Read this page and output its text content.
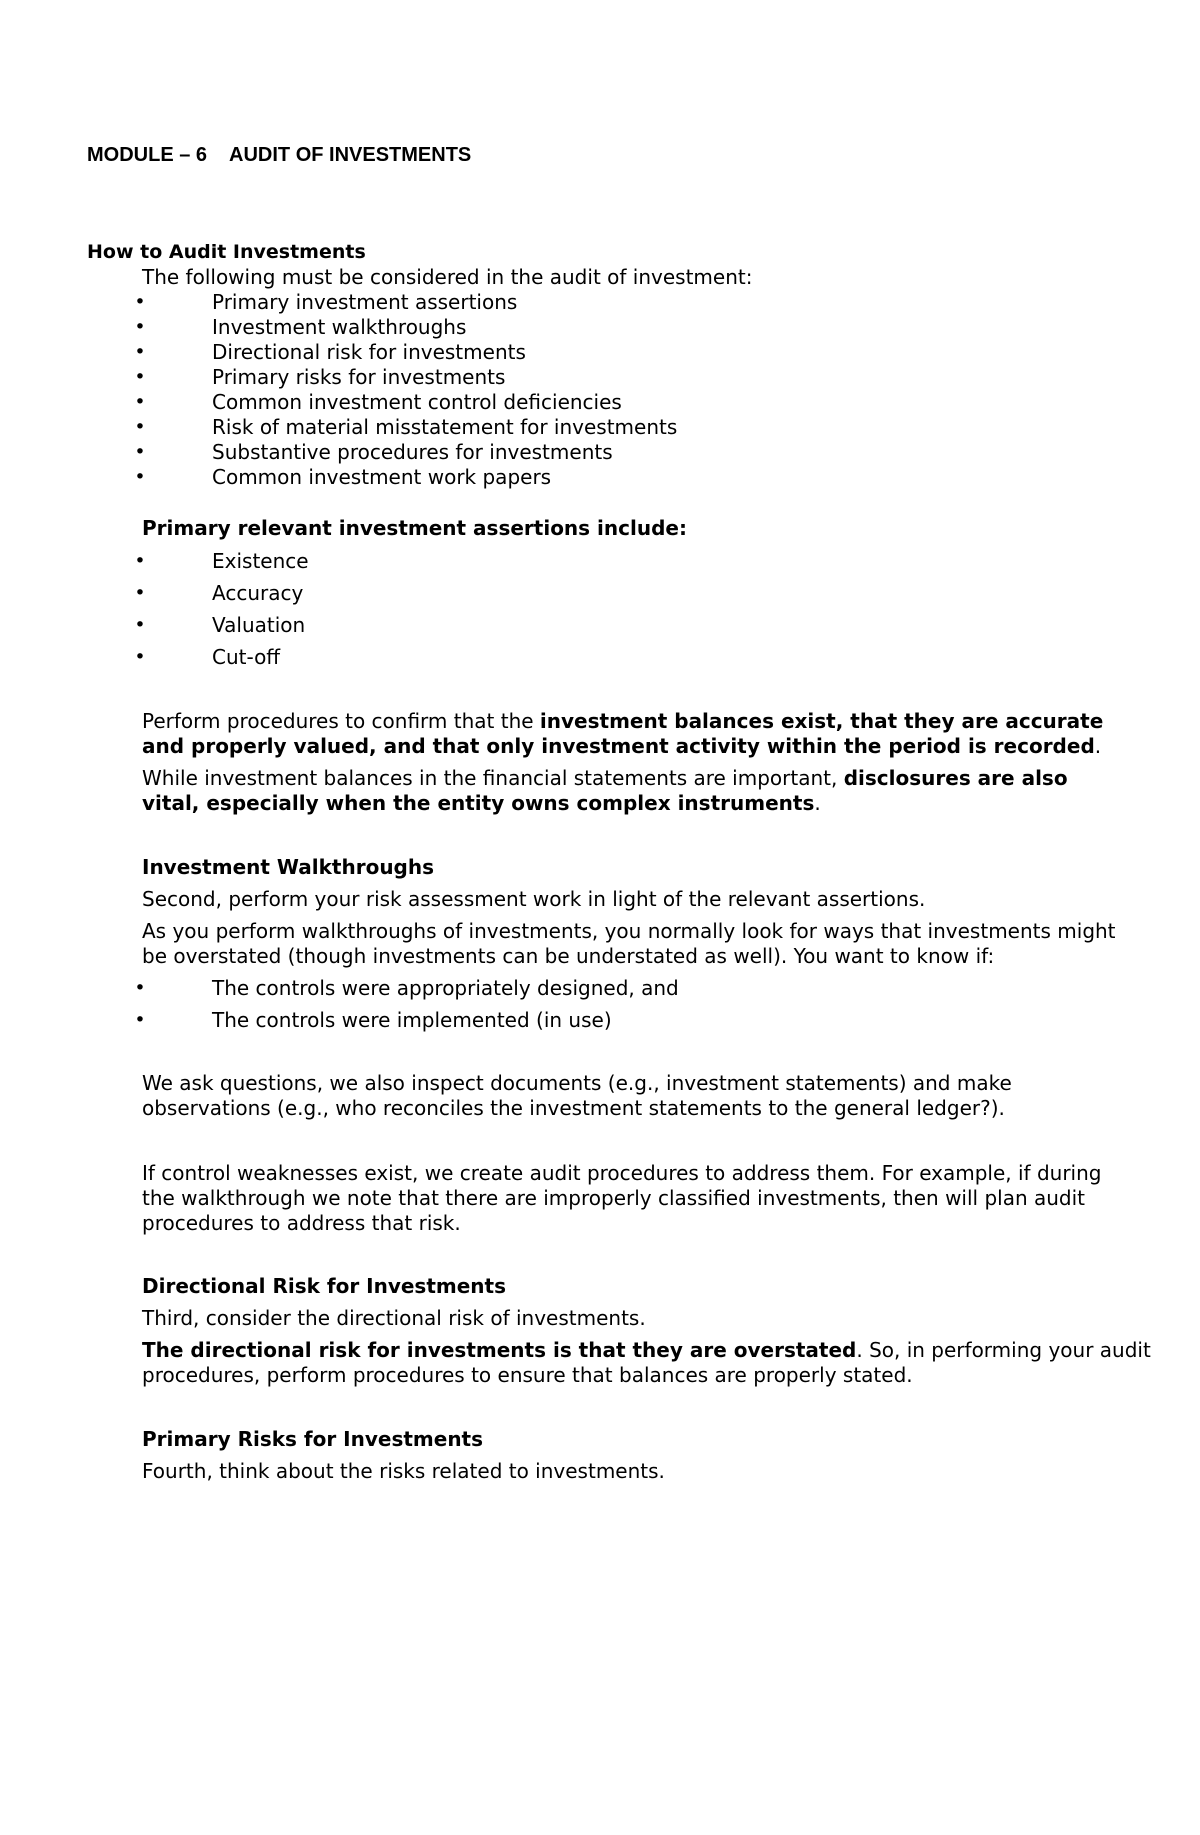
MODULE – 6 AUDIT OF INVESTMENTS
How to Audit Investments
The following must be considered in the audit of investment:
•	Primary investment assertions
•	Investment walkthroughs
•	Directional risk for investments
•	Primary risks for investments
•	Common investment control deficiencies
•	Risk of material misstatement for investments
•	Substantive procedures for investments
•	Common investment work papers
Primary relevant investment assertions include:
•	Existence
•	Accuracy
•	Valuation
•	Cut-off
Perform procedures to confirm that the investment balances exist, that they are accurate
and properly valued, and that only investment activity within the period is recorded.
While investment balances in the financial statements are important, disclosures are also
vital, especially when the entity owns complex instruments.
Investment Walkthroughs
Second, perform your risk assessment work in light of the relevant assertions.
As you perform walkthroughs of investments, you normally look for ways that investments might
be overstated (though investments can be understated as well). You want to know if:
•	The controls were appropriately designed, and
•	The controls were implemented (in use)
We ask questions, we also inspect documents (e.g., investment statements) and make
observations (e.g., who reconciles the investment statements to the general ledger?).
If control weaknesses exist, we create audit procedures to address them. For example, if during
the walkthrough we note that there are improperly classified investments, then will plan audit
procedures to address that risk.
Directional Risk for Investments
Third, consider the directional risk of investments.
The directional risk for investments is that they are overstated. So, in performing your audit
procedures, perform procedures to ensure that balances are properly stated.
Primary Risks for Investments
Fourth, think about the risks related to investments.
